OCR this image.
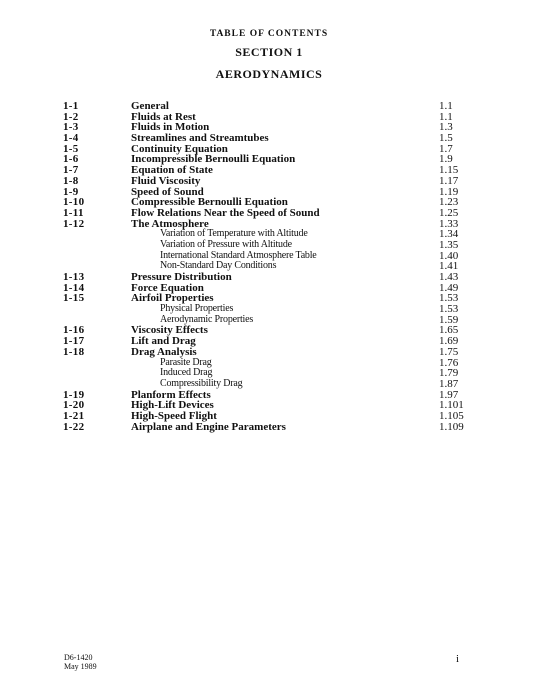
TABLE OF CONTENTS
SECTION 1
AERODYNAMICS
1-1	General	1.1
1-2	Fluids at Rest	1.1
1-3	Fluids in Motion	1.3
1-4	Streamlines and Streamtubes	1.5
1-5	Continuity Equation	1.7
1-6	Incompressible Bernoulli Equation	1.9
1-7	Equation of State	1.15
1-8	Fluid Viscosity	1.17
1-9	Speed of Sound	1.19
1-10	Compressible Bernoulli Equation	1.23
1-11	Flow Relations Near the Speed of Sound	1.25
1-12	The Atmosphere	1.33
Variation of Temperature with Altitude	1.34
Variation of Pressure with Altitude	1.35
International Standard Atmosphere Table	1.40
Non-Standard Day Conditions	1.41
1-13	Pressure Distribution	1.43
1-14	Force Equation	1.49
1-15	Airfoil Properties	1.53
Physical Properties	1.53
Aerodynamic Properties	1.59
1-16	Viscosity Effects	1.65
1-17	Lift and Drag	1.69
1-18	Drag Analysis	1.75
Parasite Drag	1.76
Induced Drag	1.79
Compressibility Drag	1.87
1-19	Planform Effects	1.97
1-20	High-Lift Devices	1.101
1-21	High-Speed Flight	1.105
1-22	Airplane and Engine Parameters	1.109
D6-1420
May 1989
i
